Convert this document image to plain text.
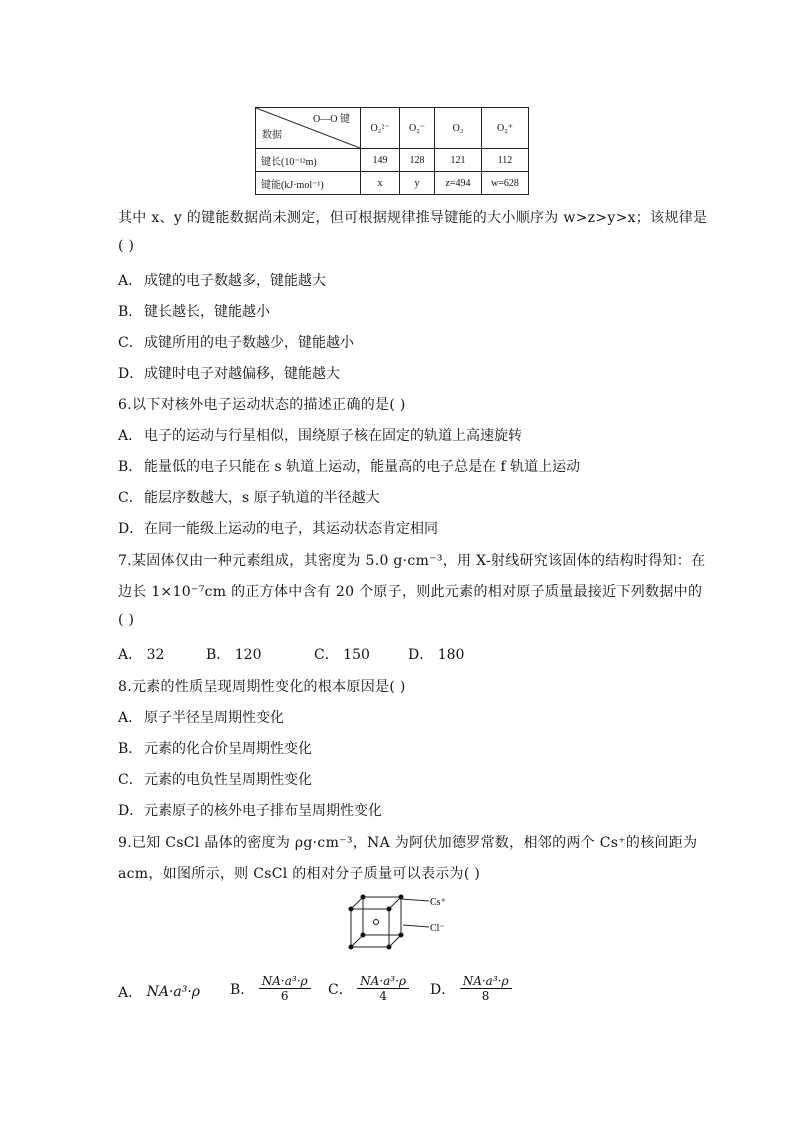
O—O 键
数据	O₂²⁻	O₂⁻	O₂	O₂⁺
键长(10⁻¹²m)	149	128	121	112
键能(kJ·mol⁻¹)	x	y	z=494	w=628
其中 x、y 的键能数据尚未测定，但可根据规律推导键能的大小顺序为 w>z>y>x；该规律是
( )
A． 成键的电子数越多，键能越大
B． 键长越长，键能越小
C．成键所用的电子数越少，键能越小
D．成键时电子对越偏移，键能越大
6.以下对核外电子运动状态的描述正确的是( )
A． 电子的运动与行星相似，围绕原子核在固定的轨道上高速旋转
B． 能量低的电子只能在 s 轨道上运动，能量高的电子总是在 f 轨道上运动
C．能层序数越大，s 原子轨道的半径越大
D．在同一能级上运动的电子，其运动状态肯定相同
7.某固体仅由一种元素组成，其密度为 5.0 g·cm⁻³，用 X-射线研究该固体的结构时得知：在
边长 1×10⁻⁷cm 的正方体中含有 20 个原子，则此元素的相对原子质量最接近下列数据中的
( )
A． 32	B． 120	C． 150	D． 180
8.元素的性质呈现周期性变化的根本原因是( )
A． 原子半径呈周期性变化
B． 元素的化合价呈周期性变化
C．元素的电负性呈周期性变化
D．元素原子的核外电子排布呈周期性变化
9.已知 CsCl 晶体的密度为 ρg·cm⁻³，NA 为阿伏加德罗常数，相邻的两个 Cs⁺的核间距为
acm，如图所示，则 CsCl 的相对分子质量可以表示为( )
Cs⁺
Cl⁻
A． NA·a³·ρ B． $\frac{\text{NA·a³·ρ}}{6}$ C． $\frac{\text{NA·a³·ρ}}{4}$ D． $\frac{\text{NA·a³·ρ}}{8}$
